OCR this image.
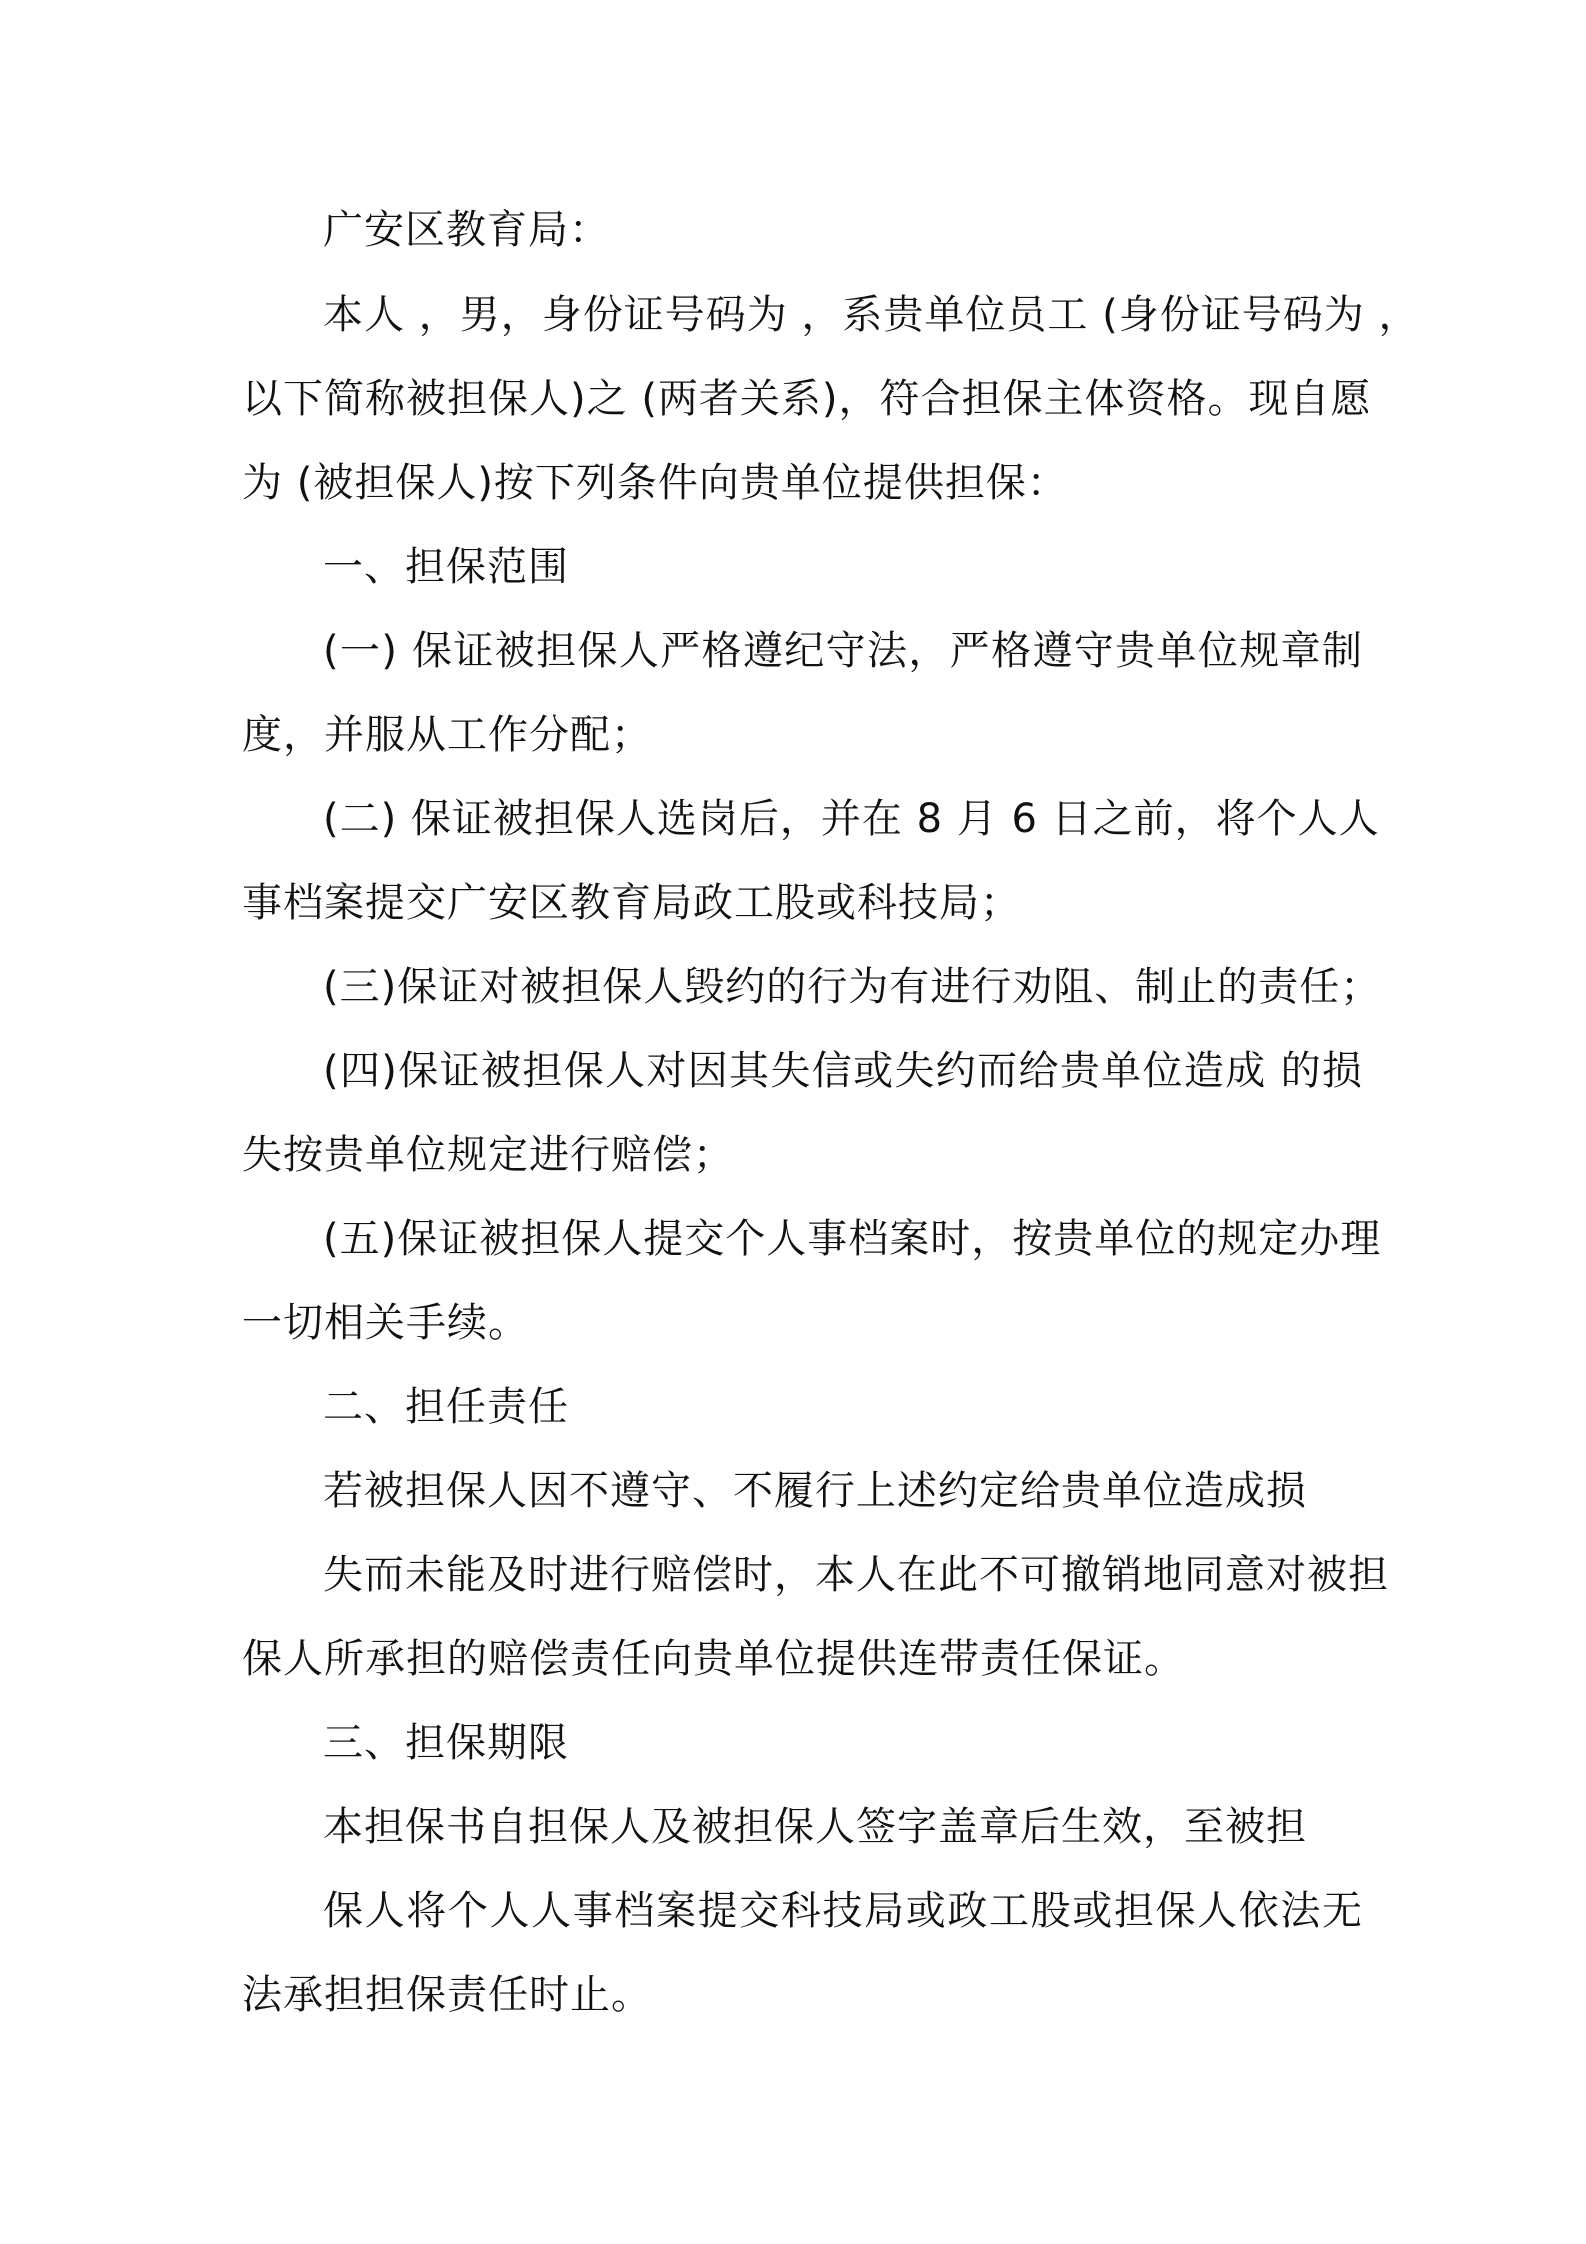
广安区教育局：
本人 ，男，身份证号码为 ，系贵单位员工 (身份证号码为 ，
以下简称被担保人)之 (两者关系)，符合担保主体资格。现自愿
为 (被担保人)按下列条件向贵单位提供担保：
一、担保范围
(一) 保证被担保人严格遵纪守法，严格遵守贵单位规章制
度，并服从工作分配；
(二) 保证被担保人选岗后，并在 8 月 6 日之前，将个人人
事档案提交广安区教育局政工股或科技局；
(三)保证对被担保人毁约的行为有进行劝阻、制止的责任；
(四)保证被担保人对因其失信或失约而给贵单位造成 的损
失按贵单位规定进行赔偿；
(五)保证被担保人提交个人事档案时，按贵单位的规定办理
一切相关手续。
二、担任责任
若被担保人因不遵守、不履行上述约定给贵单位造成损
失而未能及时进行赔偿时，本人在此不可撤销地同意对被担
保人所承担的赔偿责任向贵单位提供连带责任保证。
三、担保期限
本担保书自担保人及被担保人签字盖章后生效，至被担
保人将个人人事档案提交科技局或政工股或担保人依法无
法承担担保责任时止。
